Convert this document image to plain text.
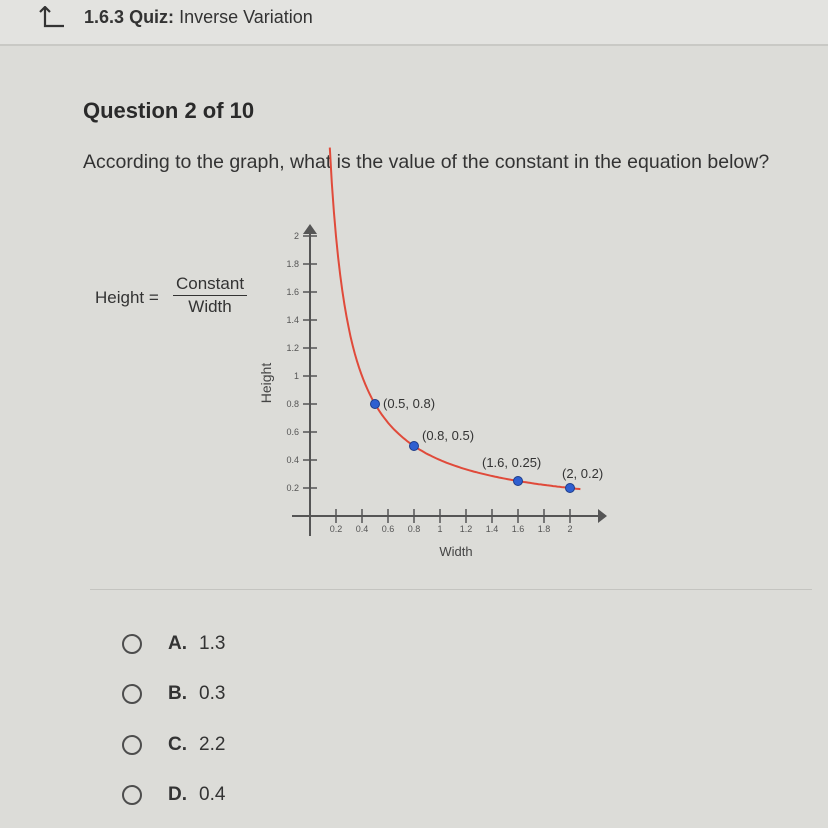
1.6.3 Quiz: Inverse Variation
Question 2 of 10
According to the graph, what is the value of the constant in the equation below?
Height =
Constant
Width
0.2 0.4 0.6 0.8 1 1.2 1.4 1.6 1.8 2
0.2
0.4
0.6
0.8
1
1.2
1.4
1.6
1.8
2
Width
Height
(0.5, 0.8)
(0.8, 0.5)
(1.6, 0.25)
(2, 0.2)
A. 1.3
B. 0.3
C. 2.2
D. 0.4
